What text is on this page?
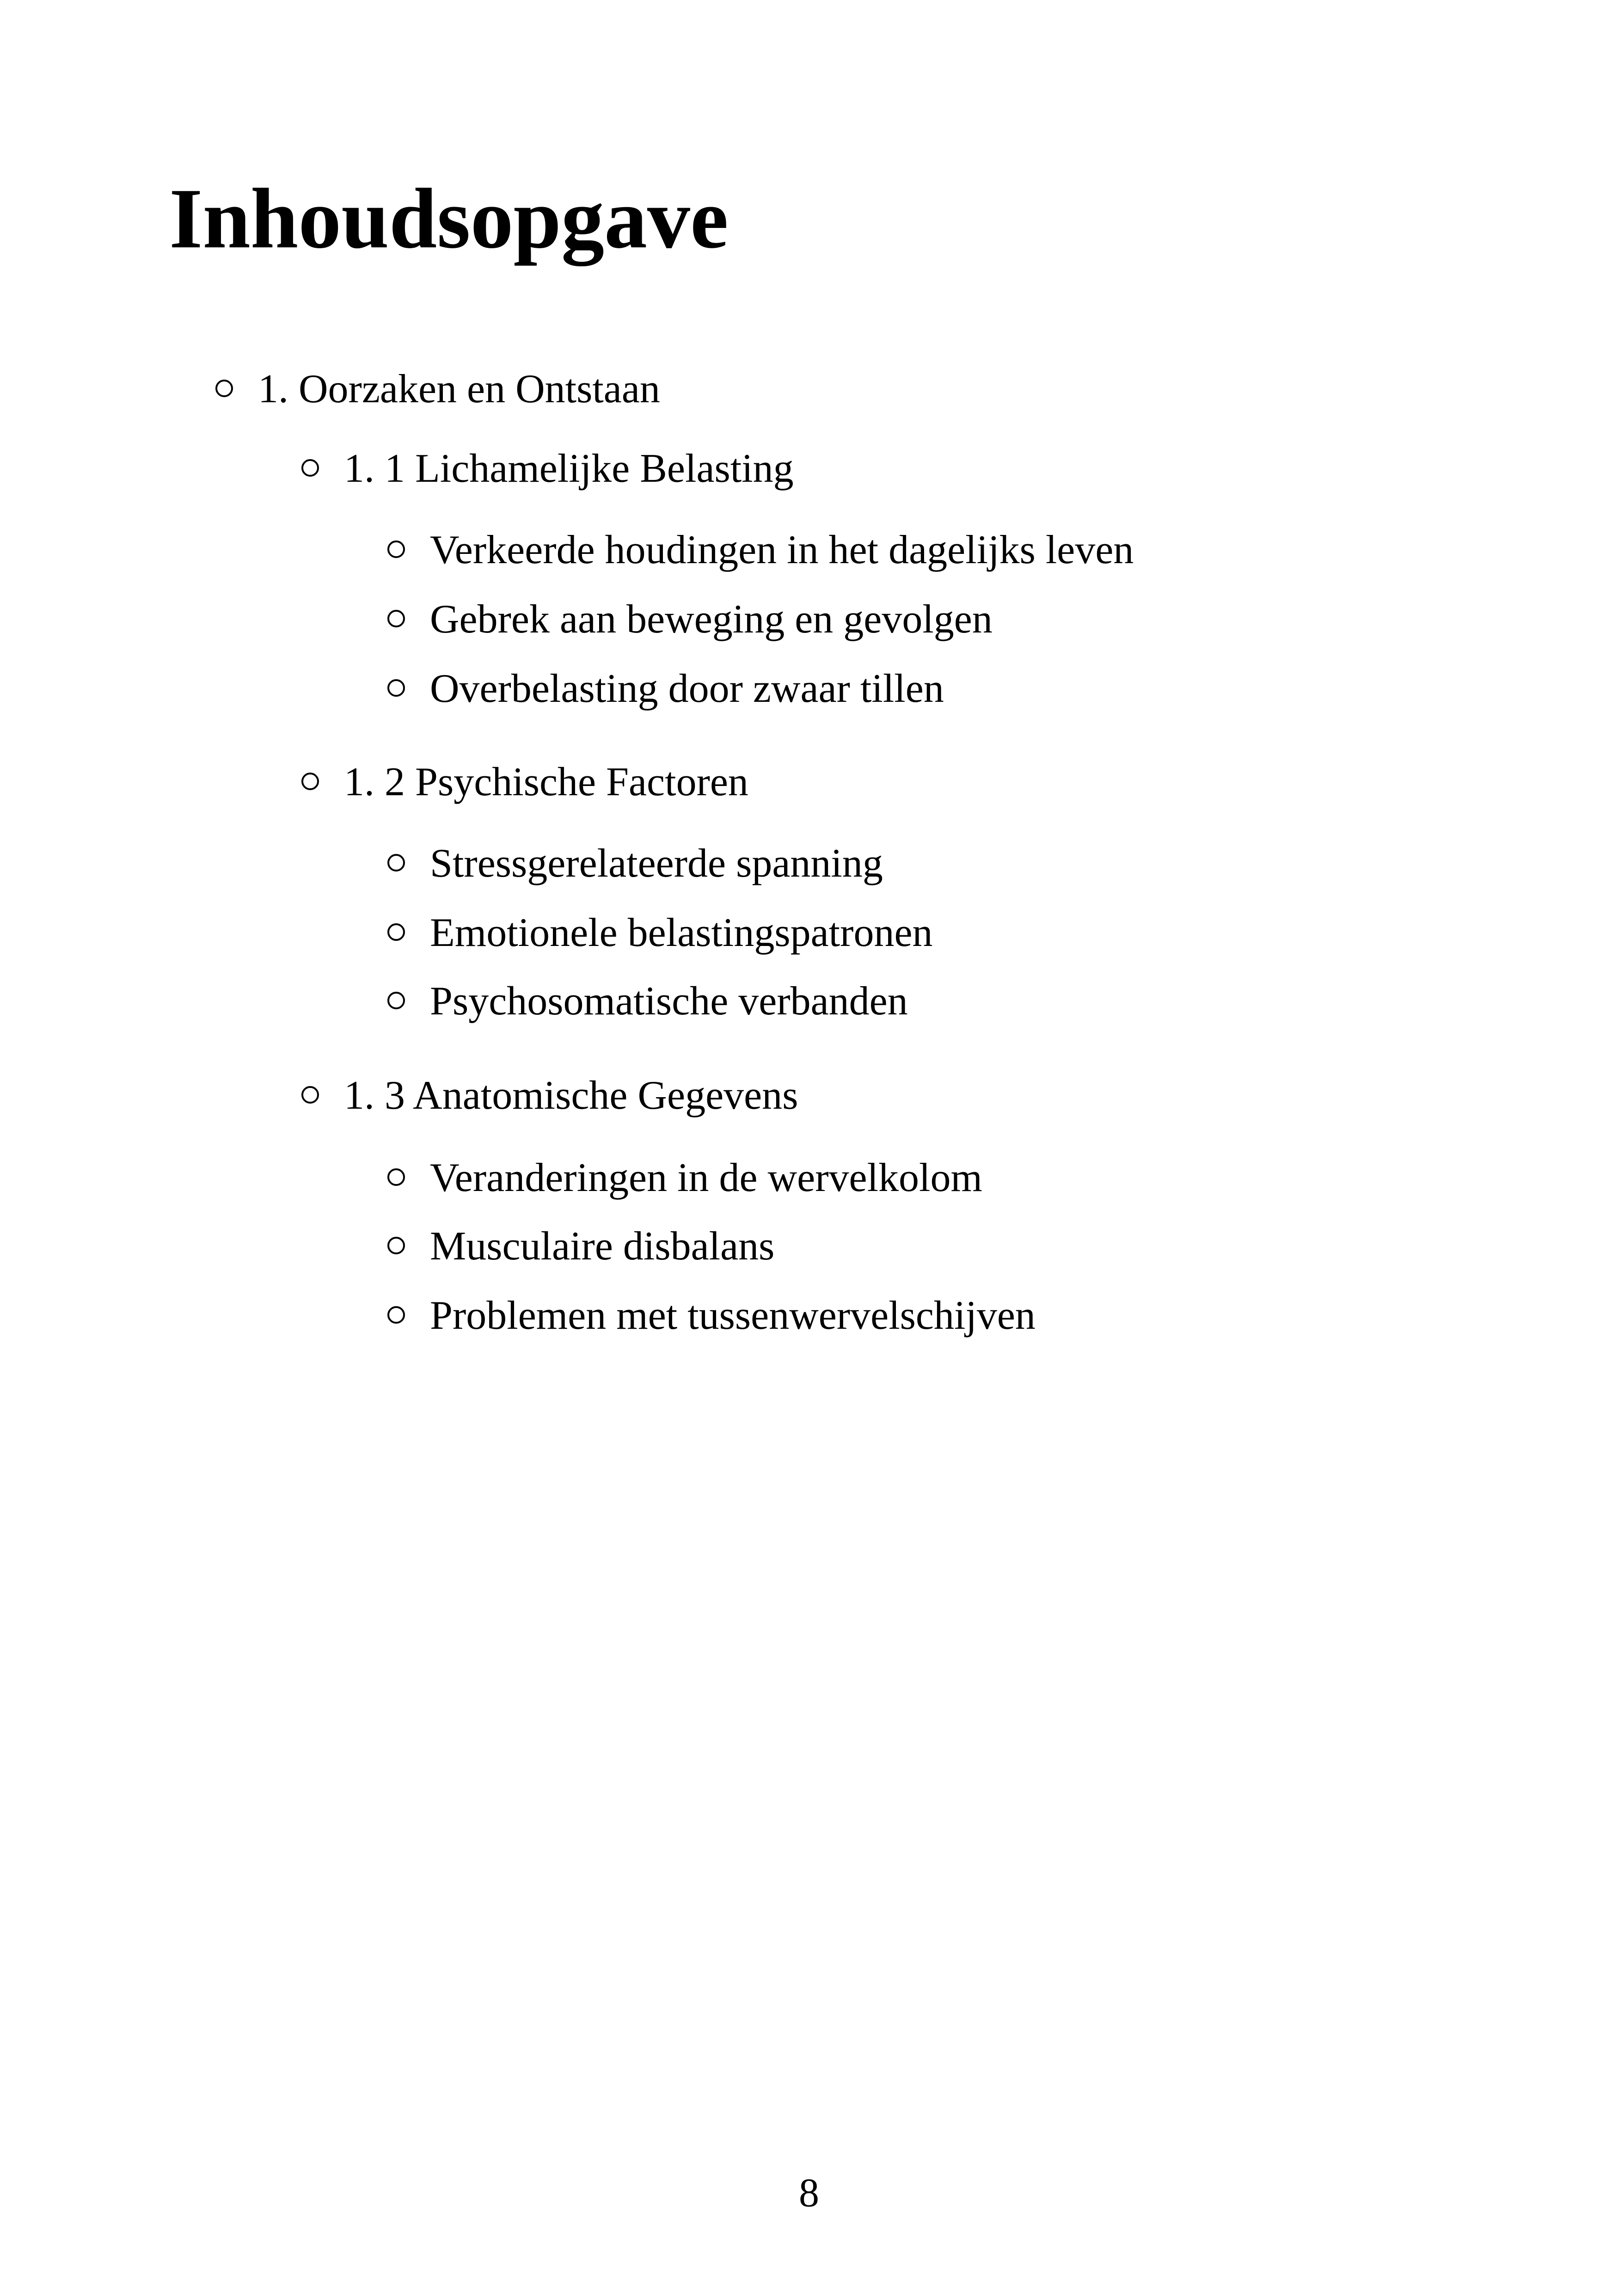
Inhoudsopgave
1. Oorzaken en Ontstaan
1. 1 Lichamelijke Belasting
Verkeerde houdingen in het dagelijks leven
Gebrek aan beweging en gevolgen
Overbelasting door zwaar tillen
1. 2 Psychische Factoren
Stressgerelateerde spanning
Emotionele belastingspatronen
Psychosomatische verbanden
1. 3 Anatomische Gegevens
Veranderingen in de wervelkolom
Musculaire disbalans
Problemen met tussenwervelschijven
8
